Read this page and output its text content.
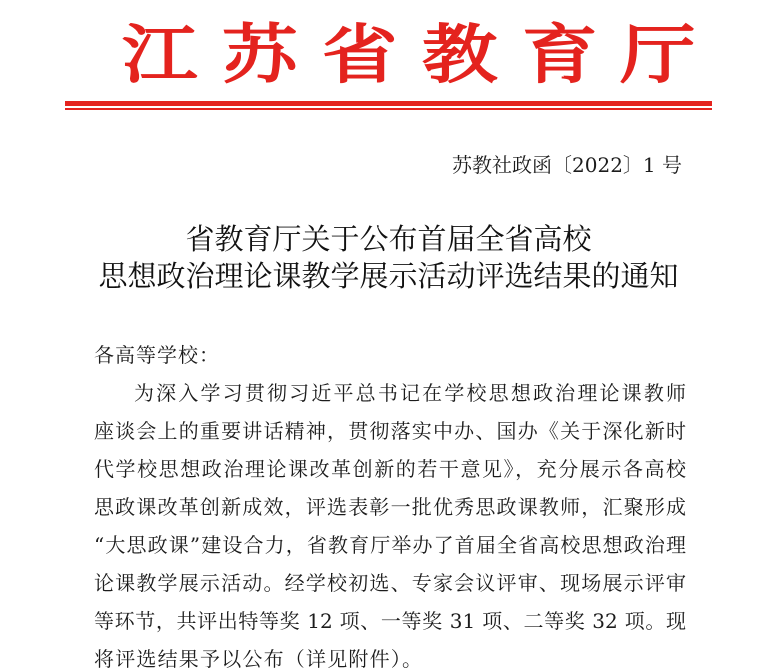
江 苏 省 教 育 厅
苏教社政函〔2022〕1 号
省教育厅关于公布首届全省高校
思想政治理论课教学展示活动评选结果的通知
各高等学校：
为深入学习贯彻习近平总书记在学校思想政治理论课教师
座谈会上的重要讲话精神，贯彻落实中办、国办《关于深化新时
代学校思想政治理论课改革创新的若干意见》，充分展示各高校
思政课改革创新成效，评选表彰一批优秀思政课教师，汇聚形成
“大思政课”建设合力，省教育厅举办了首届全省高校思想政治理
论课教学展示活动。经学校初选、专家会议评审、现场展示评审
等环节，共评出特等奖 12 项、一等奖 31 项、二等奖 32 项。现
将评选结果予以公布（详见附件）。
